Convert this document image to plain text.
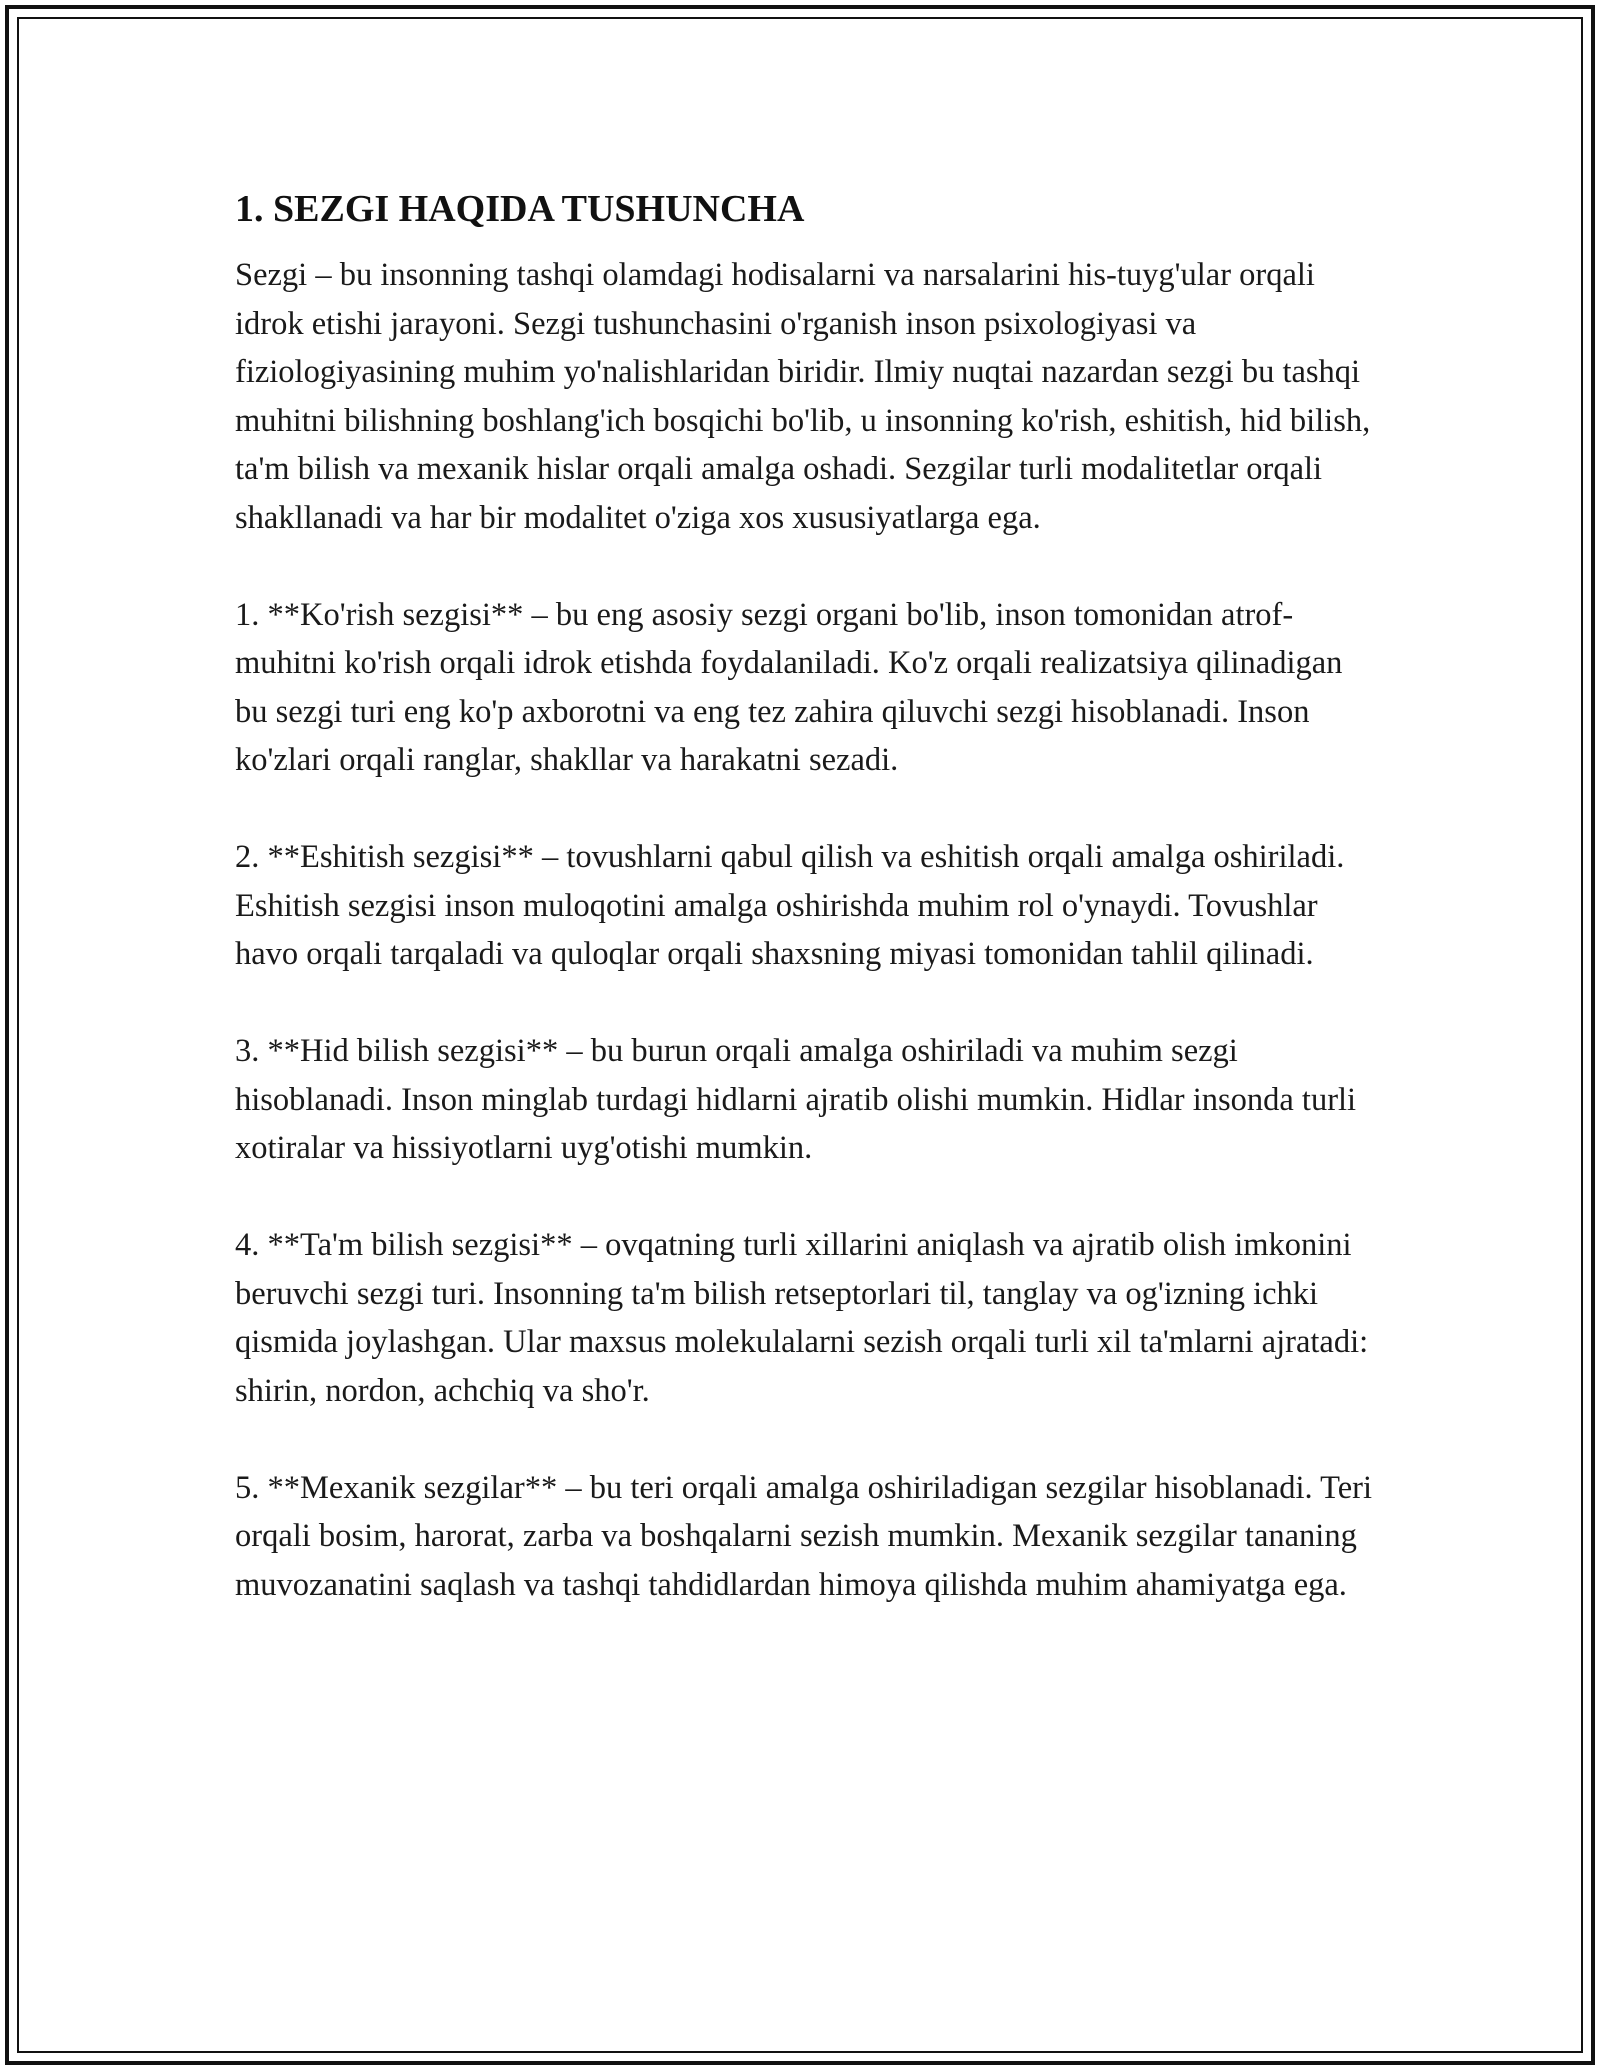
1. SEZGI HAQIDA TUSHUNCHA

Sezgi – bu insonning tashqi olamdagi hodisalarni va narsalarini his-tuyg'ular orqali idrok etishi jarayoni. Sezgi tushunchasini o'rganish inson psixologiyasi va fiziologiyasining muhim yo'nalishlaridan biridir. Ilmiy nuqtai nazardan sezgi bu tashqi muhitni bilishning boshlang'ich bosqichi bo'lib, u insonning ko'rish, eshitish, hid bilish, ta'm bilish va mexanik hislar orqali amalga oshadi. Sezgilar turli modalitetlar orqali shakllanadi va har bir modalitet o'ziga xos xususiyatlarga ega.

1. **Ko'rish sezgisi** – bu eng asosiy sezgi organi bo'lib, inson tomonidan atrof-muhitni ko'rish orqali idrok etishda foydalaniladi. Ko'z orqali realizatsiya qilinadigan bu sezgi turi eng ko'p axborotni va eng tez zahira qiluvchi sezgi hisoblanadi. Inson ko'zlari orqali ranglar, shakllar va harakatni sezadi.

2. **Eshitish sezgisi** – tovushlarni qabul qilish va eshitish orqali amalga oshiriladi. Eshitish sezgisi inson muloqotini amalga oshirishda muhim rol o'ynaydi. Tovushlar havo orqali tarqaladi va quloqlar orqali shaxsning miyasi tomonidan tahlil qilinadi.

3. **Hid bilish sezgisi** – bu burun orqali amalga oshiriladi va muhim sezgi hisoblanadi. Inson minglab turdagi hidlarni ajratib olishi mumkin. Hidlar insonda turli xotiralar va hissiyotlarni uyg'otishi mumkin.

4. **Ta'm bilish sezgisi** – ovqatning turli xillarini aniqlash va ajratib olish imkonini beruvchi sezgi turi. Insonning ta'm bilish retseptorlari til, tanglay va og'izning ichki qismida joylashgan. Ular maxsus molekulalarni sezish orqali turli xil ta'mlarni ajratadi: shirin, nordon, achchiq va sho'r.

5. **Mexanik sezgilar** – bu teri orqali amalga oshiriladigan sezgilar hisoblanadi. Teri orqali bosim, harorat, zarba va boshqalarni sezish mumkin. Mexanik sezgilar tananing muvozanatini saqlash va tashqi tahdidlardan himoya qilishda muhim ahamiyatga ega.
